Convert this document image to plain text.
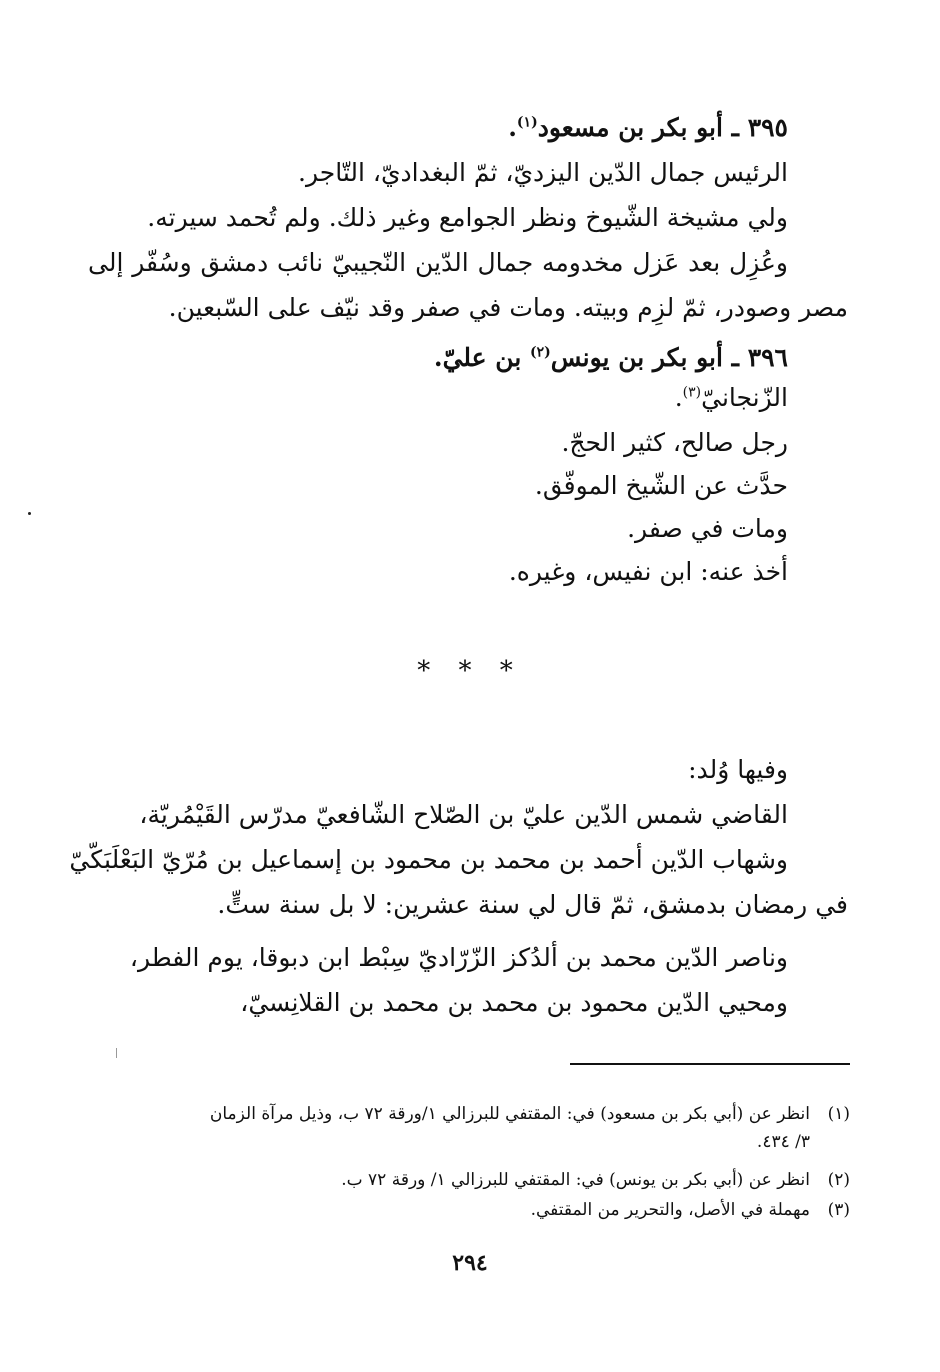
٣٩٥ ـ أبو بكر بن مسعود$^{(١)}$.
الرئيس جمال الدّين اليزديّ، ثمّ البغداديّ، التّاجر.
ولي مشيخة الشّيوخ ونظر الجوامع وغير ذلك. ولم تُحمد سيرته.
وعُزِل بعد عَزل مخدومه جمال الدّين النّجيبيّ نائب دمشق وسُفّر إلى
مصر وصودر، ثمّ لزِم وبيته. ومات في صفر وقد نيّف على السّبعين.
٣٩٦ ـ أبو بكر بن يونس$^{(٢)}$ بن عليّ.
الزّنجانيّ$^{(٣)}$.
رجل صالح، كثير الحجّ.
حدَّث عن الشّيخ الموفّق.
ومات في صفر.
أخذ عنه: ابن نفيس، وغيره.
* * *
وفيها وُلد:
القاضي شمس الدّين عليّ بن الصّلاح الشّافعيّ مدرّس القَيْمُريّة،
وشهاب الدّين أحمد بن محمد بن محمود بن إسماعيل بن مُرّيّ البَعْلَبَكّيّ
في رمضان بدمشق، ثمّ قال لي سنة عشرين: لا بل سنة ستٍّ.
وناصر الدّين محمد بن ألدُكز الزّرّاديّ سِبْط ابن دبوقا، يوم الفطر،
ومحيي الدّين محمود بن محمد بن محمد بن القلانِسيّ،
(١)انظر عن (أبي بكر بن مسعود) في: المقتفي للبرزالي ١/ورقة ٧٢ ب، وذيل مرآة الزمان
٣/ ٤٣٤.
(٢)انظر عن (أبي بكر بن يونس) في: المقتفي للبرزالي ١/ ورقة ٧٢ ب.
(٣)مهملة في الأصل، والتحرير من المقتفي.
٢٩٤
